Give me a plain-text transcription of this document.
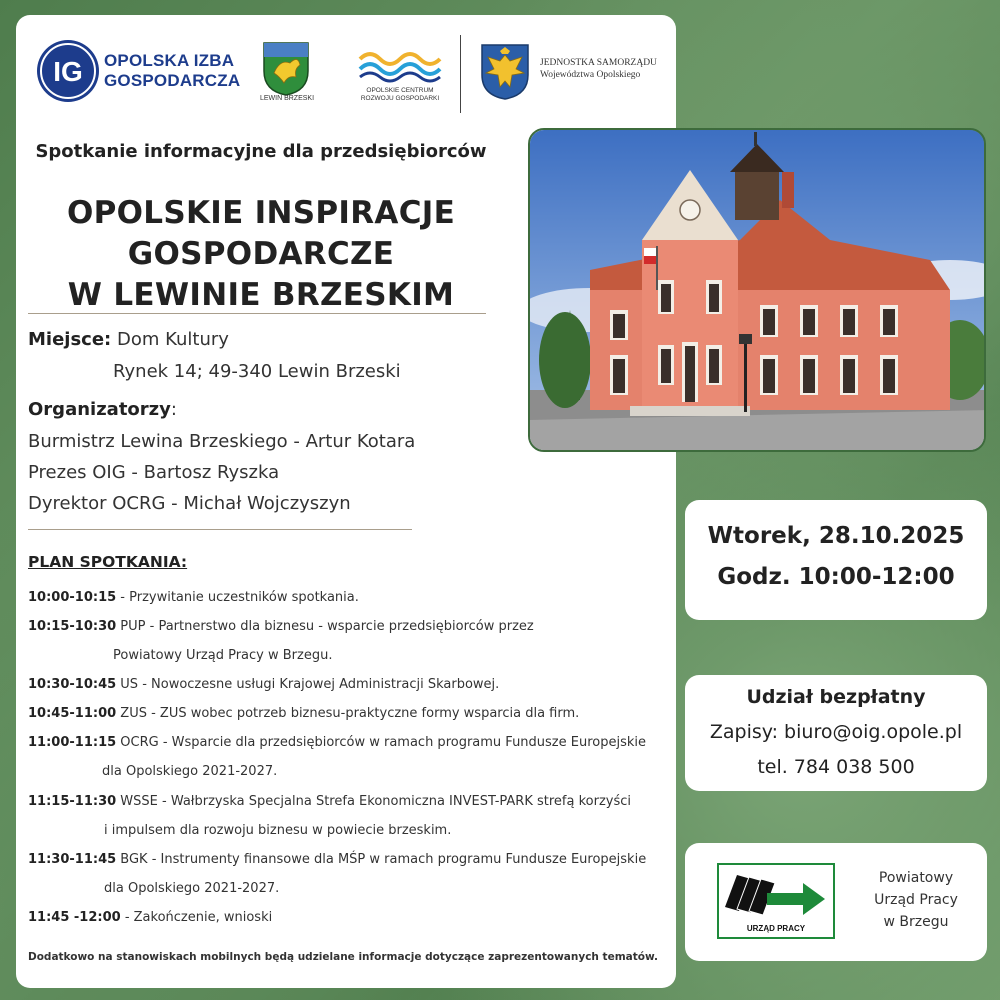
IG OPOLSKA IZBA
GOSPODARCZA
LEWIN BRZESKI
OPOLSKIE CENTRUM
ROZWOJU GOSPODARKI
JEDNOSTKA SAMORZĄDU
Województwa Opolskiego
Spotkanie informacyjne dla przedsiębiorców
OPOLSKIE INSPIRACJE
GOSPODARCZE
W LEWINIE BRZESKIM
Miejsce: Dom Kultury
Rynek 14; 49-340 Lewin Brzeski
Organizatorzy:
Burmistrz Lewina Brzeskiego - Artur Kotara
Prezes OIG - Bartosz Ryszka
Dyrektor OCRG - Michał Wojczyszyn
PLAN SPOTKANIA:
10:00-10:15 - Przywitanie uczestników spotkania.
10:15-10:30 PUP - Partnerstwo dla biznesu - wsparcie przedsiębiorców przez
Powiatowy Urząd Pracy w Brzegu.
10:30-10:45 US - Nowoczesne usługi Krajowej Administracji Skarbowej.
10:45-11:00 ZUS - ZUS wobec potrzeb biznesu-praktyczne formy wsparcia dla firm.
11:00-11:15 OCRG - Wsparcie dla przedsiębiorców w ramach programu Fundusze Europejskie
dla Opolskiego 2021-2027.
11:15-11:30 WSSE - Wałbrzyska Specjalna Strefa Ekonomiczna INVEST-PARK strefą korzyści
i impulsem dla rozwoju biznesu w powiecie brzeskim.
11:30-11:45 BGK - Instrumenty finansowe dla MŚP w ramach programu Fundusze Europejskie
dla Opolskiego 2021-2027.
11:45 -12:00 - Zakończenie, wnioski
Dodatkowo na stanowiskach mobilnych będą udzielane informacje dotyczące zaprezentowanych tematów.
Wtorek, 28.10.2025
Godz. 10:00-12:00
Udział bezpłatny
Zapisy: biuro@oig.opole.pl
tel. 784 038 500
URZĄD PRACY
Powiatowy
Urząd Pracy
w Brzegu
